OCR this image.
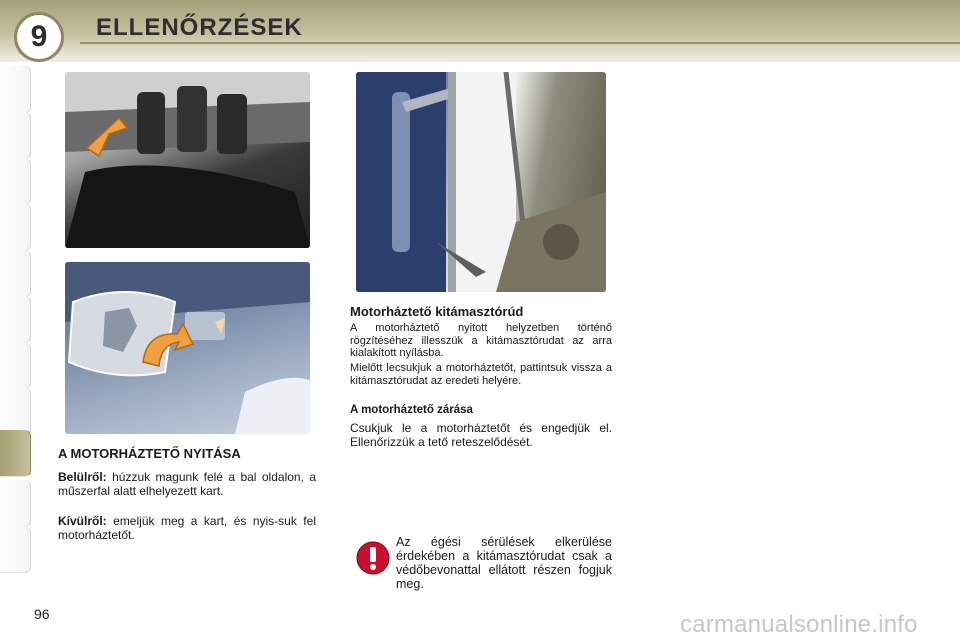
9	ELLENŐRZÉSEK
A MOTORHÁZTETŐ NYITÁSA

Belülről: húzzuk magunk felé a bal oldalon, a műszerfal alatt elhelyezett kart.

Kívülről: emeljük meg a kart, és nyis-suk fel motorháztetőt.

Motorháztető kitámasztórúd

A motorháztető nyitott helyzetben történő rögzítéséhez illesszük a kitámasztórudat az arra kialakított nyílásba.

Mielőtt lecsukjuk a motorháztetőt, pattintsuk vissza a kitámasztórudat az eredeti helyére.

A motorháztető zárása

Csukjuk le a motorháztetőt és engedjük el. Ellenőrizzük a tető reteszelődését.

Az égési sérülések elkerülése érdekében a kitámasztórudat csak a védőbevonattal ellátott részen fogjuk meg.

96	carmanualsonline.info
